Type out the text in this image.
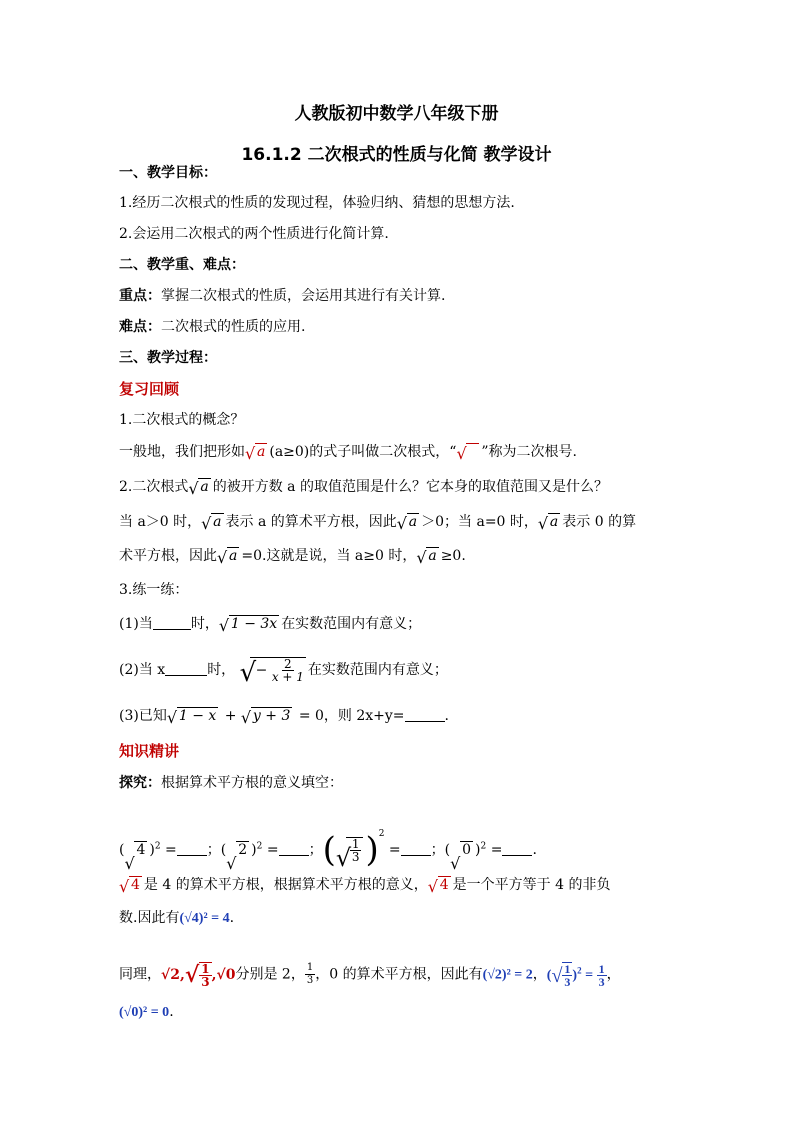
人教版初中数学八年级下册
16.1.2 二次根式的性质与化简 教学设计
一、教学目标：
1.经历二次根式的性质的发现过程，体验归纳、猜想的思想方法.
2.会运用二次根式的两个性质进行化简计算.
二、教学重、难点：
重点：掌握二次根式的性质，会运用其进行有关计算.
难点：二次根式的性质的应用.
三、教学过程：
复习回顾
1.二次根式的概念？
一般地，我们把形如 √ a (a≥0)的式子叫做二次根式，“ √ ”称为二次根号.
2.二次根式 √ a 的被开方数 a 的取值范围是什么？它本身的取值范围又是什么？
当 a＞0 时， √ a 表示 a 的算术平方根，因此 √ a ＞0；当 a=0 时， √ a 表示 0 的算
术平方根，因此 √ a =0.这就是说，当 a≥0 时， √ a ≥0.
3.练一练：
(1)当	时， √ 1 − 3x 在实数范围内有意义；
(2)当 x	时， √ − $\frac{2}{x + 1}$ 在实数范围内有意义；
(3)已知 √ 1 − x + √ y + 3 = 0，则 2x+y=	.
知识精讲
探究：根据算术平方根的意义填空：
(
√
4 )$^2$ = ；(
√
2 )$^2$ = ；( √
$\frac{1}{3} )^2$ = ；(
√
0 )$^2$ = .
√ 4 是 4 的算术平方根，根据算术平方根的意义， √ 4 是一个平方等于 4 的非负
数.因此有(√4)² = 4.
同理，$√2,√ \frac{1}{3} ,√0$分别是 2， $\frac{1}{3}$ ，0 的算术平方根，因此有(√2)² = 2，(√ $\frac{1}{3} )^2 = \frac{1}{3}$ ，
(√0)² = 0.
